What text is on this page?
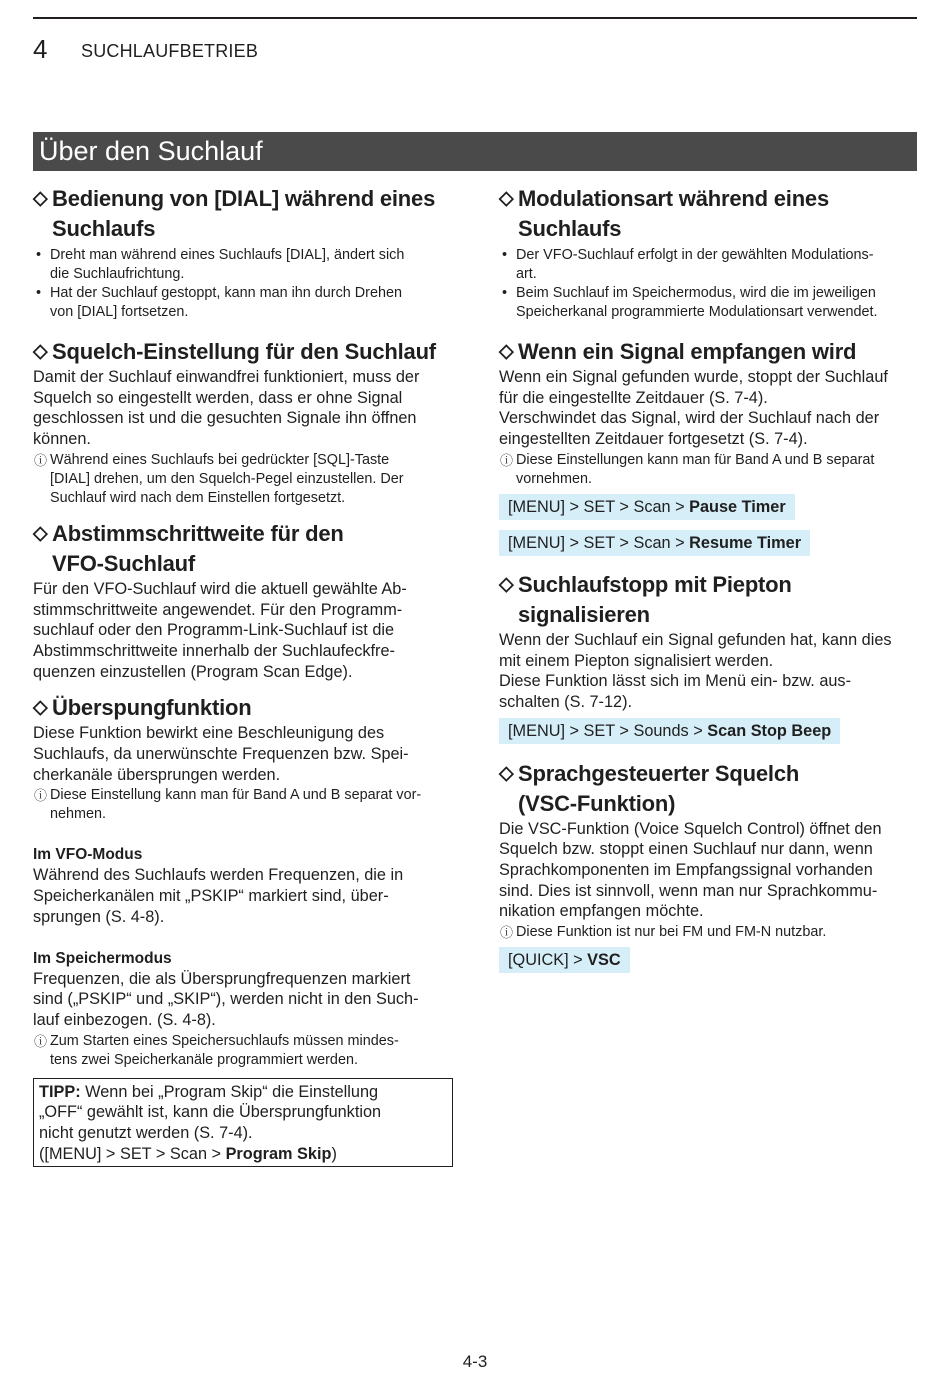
4 SUCHLAUFBETRIEB
Über den Suchlauf
◇ Bedienung von [DIAL] während eines
Suchlaufs
• Dreht man während eines Suchlaufs [DIAL], ändert sich
die Suchlaufrichtung.
• Hat der Suchlauf gestoppt, kann man ihn durch Drehen
von [DIAL] fortsetzen.
◇ Squelch-Einstellung für den Suchlauf
Damit der Suchlauf einwandfrei funktioniert, muss der
Squelch so eingestellt werden, dass er ohne Signal
geschlossen ist und die gesuchten Signale ihn öffnen
können.
ⓘ Während eines Suchlaufs bei gedrückter [SQL]-Taste
[DIAL] drehen, um den Squelch-Pegel einzustellen. Der
Suchlauf wird nach dem Einstellen fortgesetzt.
◇ Abstimmschrittweite für den
VFO-Suchlauf
Für den VFO-Suchlauf wird die aktuell gewählte Ab-
stimmschrittweite angewendet. Für den Programm-
suchlauf oder den Programm-Link-Suchlauf ist die
Abstimmschrittweite innerhalb der Suchlaufeckfre-
quenzen einzustellen (Program Scan Edge).
◇ Überspungfunktion
Diese Funktion bewirkt eine Beschleunigung des
Suchlaufs, da unerwünschte Frequenzen bzw. Spei-
cherkanäle übersprungen werden.
ⓘ Diese Einstellung kann man für Band A und B separat vor-
nehmen.
Im VFO-Modus
Während des Suchlaufs werden Frequenzen, die in
Speicherkanälen mit „PSKIP“ markiert sind, über-
sprungen (S. 4-8).
Im Speichermodus
Frequenzen, die als Übersprungfrequenzen markiert
sind („PSKIP“ und „SKIP“), werden nicht in den Such-
lauf einbezogen. (S. 4-8).
ⓘ Zum Starten eines Speichersuchlaufs müssen mindes-
tens zwei Speicherkanäle programmiert werden.
TIPP: Wenn bei „Program Skip“ die Einstellung
„OFF“ gewählt ist, kann die Übersprungfunktion
nicht genutzt werden (S. 7-4).
([MENU] > SET > Scan > Program Skip)
◇ Modulationsart während eines
Suchlaufs
• Der VFO-Suchlauf erfolgt in der gewählten Modulations-
art.
• Beim Suchlauf im Speichermodus, wird die im jeweiligen
Speicherkanal programmierte Modulationsart verwendet.
◇ Wenn ein Signal empfangen wird
Wenn ein Signal gefunden wurde, stoppt der Suchlauf
für die eingestellte Zeitdauer (S. 7-4).
Verschwindet das Signal, wird der Suchlauf nach der
eingestellten Zeitdauer fortgesetzt (S. 7-4).
ⓘ Diese Einstellungen kann man für Band A und B separat
vornehmen.
[MENU] > SET > Scan > Pause Timer
[MENU] > SET > Scan > Resume Timer
◇ Suchlaufstopp mit Piepton
signalisieren
Wenn der Suchlauf ein Signal gefunden hat, kann dies
mit einem Piepton signalisiert werden.
Diese Funktion lässt sich im Menü ein- bzw. aus-
schalten (S. 7-12).
[MENU] > SET > Sounds > Scan Stop Beep
◇ Sprachgesteuerter Squelch
(VSC-Funktion)
Die VSC-Funktion (Voice Squelch Control) öffnet den
Squelch bzw. stoppt einen Suchlauf nur dann, wenn
Sprachkomponenten im Empfangssignal vorhanden
sind. Dies ist sinnvoll, wenn man nur Sprachkommu-
nikation empfangen möchte.
ⓘ Diese Funktion ist nur bei FM und FM-N nutzbar.
[QUICK] > VSC
4-3
